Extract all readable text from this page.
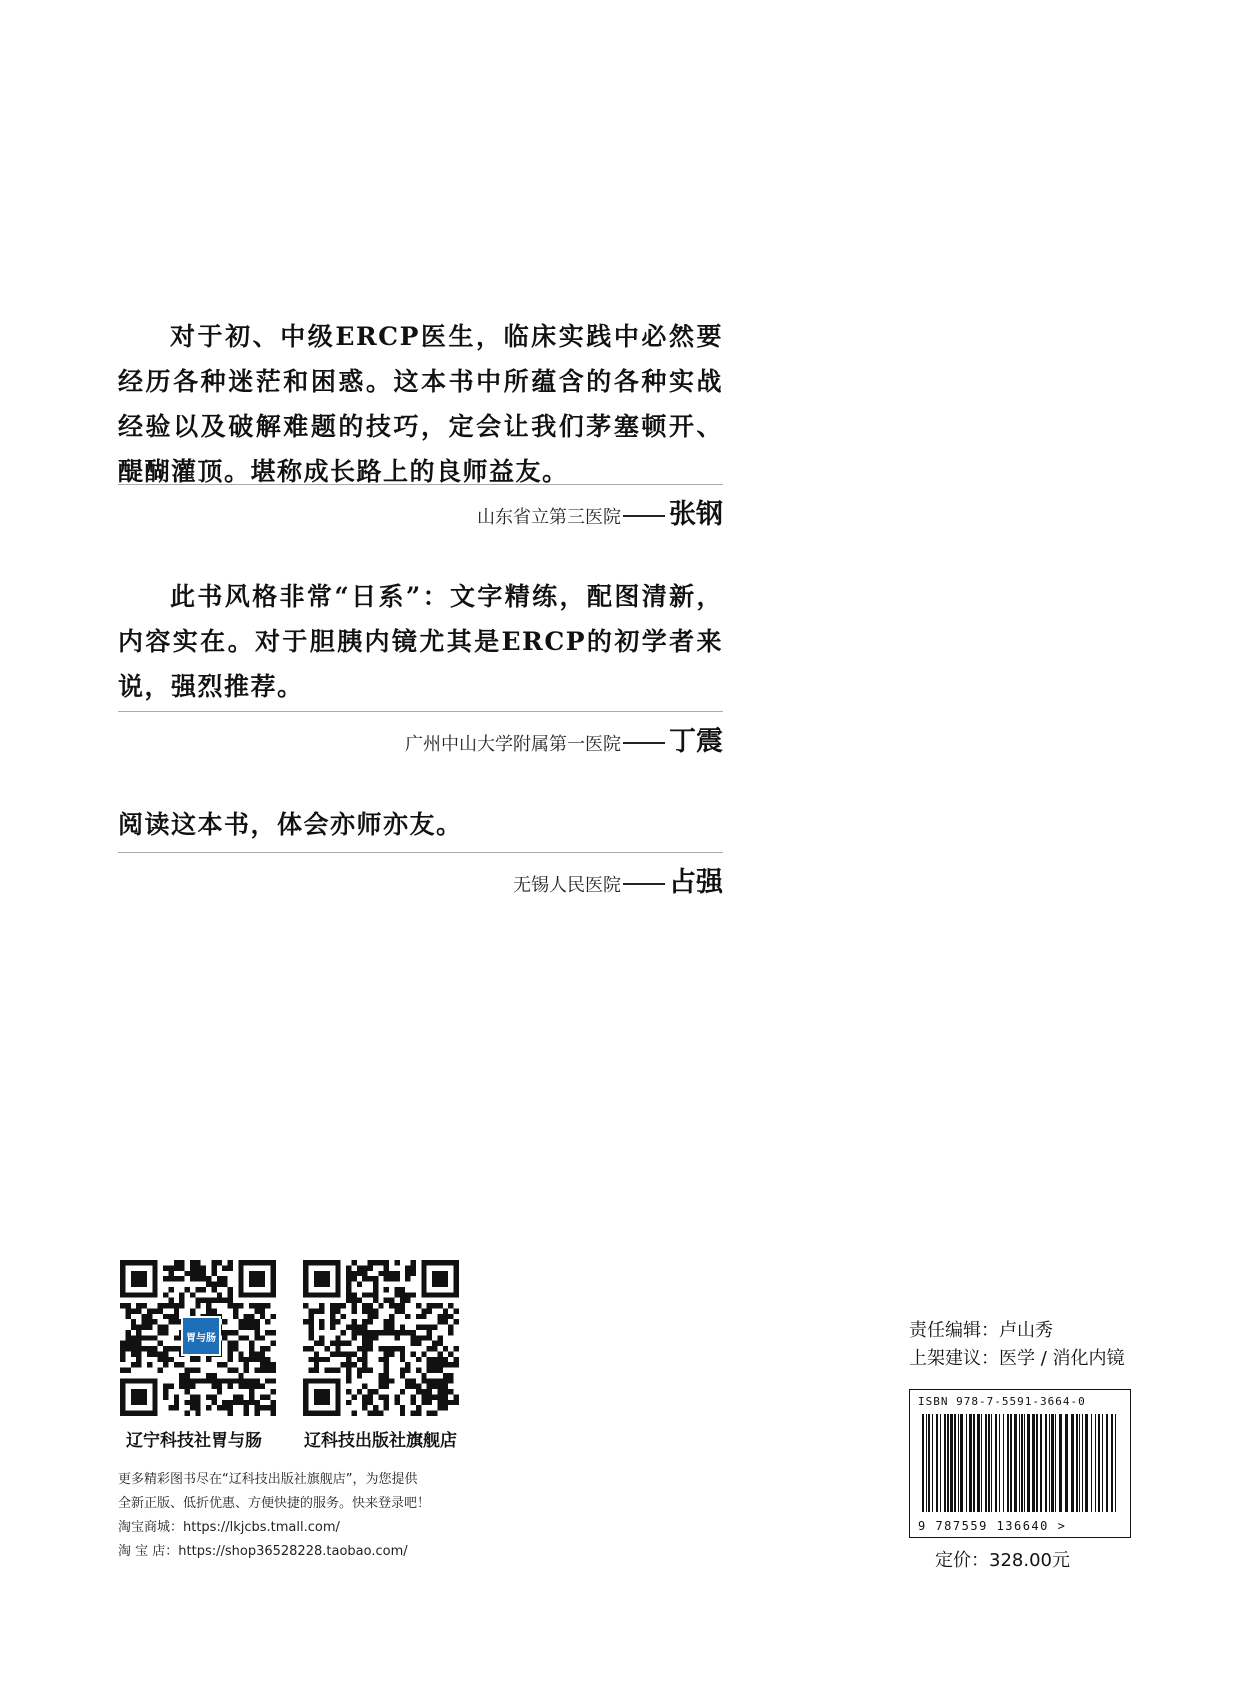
对于初、中级ERCP医生，临床实践中必然要经历各种迷茫和困惑。这本书中所蕴含的各种实战经验以及破解难题的技巧，定会让我们茅塞顿开、醍醐灌顶。堪称成长路上的良师益友。

山东省立第三医院 张钢

此书风格非常“日系”：文字精练，配图清新，内容实在。对于胆胰内镜尤其是ERCP的初学者来说，强烈推荐。

广州中山大学附属第一医院 丁震

阅读这本书，体会亦师亦友。

无锡人民医院 占强
胃与肠
辽宁科技社胃与肠 辽科技出版社旗舰店
更多精彩图书尽在“辽科技出版社旗舰店”，为您提供
全新正版、低折优惠、方便快捷的服务。快来登录吧！
淘宝商城：https://lkjcbs.tmall.com/
淘 宝 店：https://shop36528228.taobao.com/
责任编辑：卢山秀
上架建议：医学 / 消化内镜
ISBN 978-7-5591-3664-0
9 787559 136640 >
定价：328.00元
